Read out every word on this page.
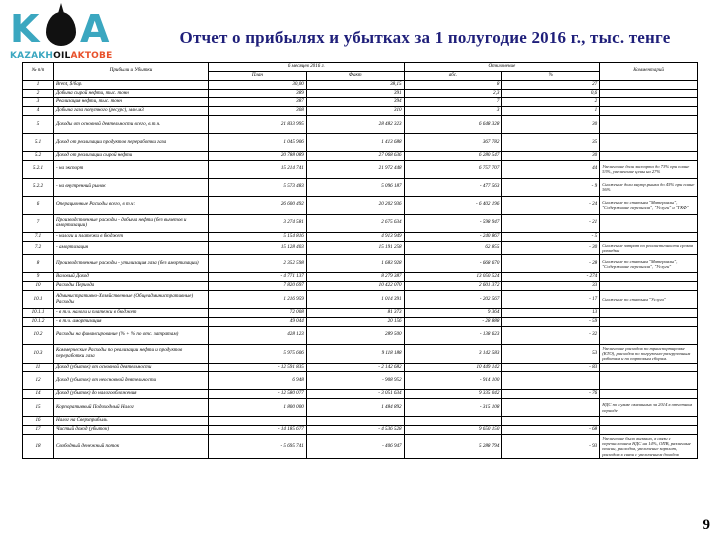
K A
KAZAKHOILAKTOBE
Отчет о прибылях и убытках за 1 полугодие 2016 г., тыс. тенге
№ п/п	Прибыли и Убытки	6 месяцев 2016 г.		Отклонение		Комментарий
		План	Факт	абс.	%	
1	Brent, $/бар.	30,00	38,15	8	27	
2	Добыча сырой нефти, тыс. тонн	389	391	2,3	0,6	
3	Реализация нефти, тыс. тонн	387	394	7	2	
4	Добыча газа попутного (ресурс), млн.м3	308	310	3	1	
5	Доходы от основной деятельности всего, в.т.ч.	21 833 995	28 482 323	6 648 328	30	
5.1	Доход от реализации продуктов переработки газа	1 045 906	1 413 688	367 782	35	
5.2	Доход от реализации сырой нефти	20 788 089	27 068 636	6 280 547	30	
5.2.1	- на экспорт	15 214 741	21 972 448	6 757 707	44	Увеличение доли экспорта до 73% при плане 53%, увеличение цены на 27%
5.2.2	- на внутренний рынок	5 573 483	5 096 187	- 477 563	- 9	Снижение доли внутр.рынка до 45% при плане 56%
6	Операционные Расходы всего, в т.ч:	26 600 492	20 202 936	- 6 402 196	- 24	Снижение по статьям "Материалы", "Содержание персонала", "Услуги" и "ГКФ"
7	Производственные расходы - добыча нефти (без вычетов и амортизации)	3 274 581	2 675 634	- 598 947	- 21	
7.1	- налоги и платежи в бюджет	5 154 816	4 913 949	- 240 867	- 5	
7.2	- амортизация	15 128 403	15 191 258	62 855	- 30	Снижение затрат по реалистичности сроков разведки
8	Производственные расходы - утилизация газа (без амортизации)	2 352 598	1 683 928	- 668 670	- 28	Снижение по статьям "Материалы", "Содержание персонала", "Услуги"
9	Валовый Доход	- 4 771 137	8 279 387	13 050 524	- 274	
10	Расходы Периода	7 820 697	10 422 070	2 601 372	33	
10.1	Административно-Хозяйственные (Общеадминистративные) Расходы	1 216 959	1 014 391	- 202 567	- 17	Снижение по статьям "Услуги"
10.1.1	- в т.ч. налоги и платежи в бюджет	72 008	81 373	9 364	13	
10.1.2	- в т.ч. амортизация	49 044	20 156	- 28 888	- 59	
10.2	Расходы на финансирование (% + % по отс. затратам)	428 123	289 500	- 138 623	- 32	
10.3	Коммерческие Расходы по реализации нефти и продуктов переработки газа	5 975 606	9 118 188	3 142 583	53	Увеличение расходов по транспортировке (КТО), расходов по погрузочно-разгрузочным работам и по портовым сборам.
11	Доход (убыток) от основной деятельности	- 12 591 835	- 2 142 682	10 449 142	- 83	
12	Доход (убыток) от неосновной деятельности	6 948	- 908 952	- 914 100		
14	Доход (убыток) до налогообложения	- 12 580 077	- 3 051 634	9 335 042	- 76	
15	Корпоративный Подоходный Налог	1 800 000	1 484 892	- 315 108		НДС по сумме оказанных за 2014 в отчетном периоде
16	Налог на Сверхприбыль					
17	Чистый доход (убыток)	- 14 185 677	- 4 536 528	9 650 150	- 68	
18	Свободный денежный поток	- 5 695 741	- 406 947	5 288 794	- 93	Увеличение было вызвано, в связи с перечислением НДС на 14%, ОПВ, различные пенсии, расходов, увеличение зарплат, расходов в связи с увеличением доходов
9
